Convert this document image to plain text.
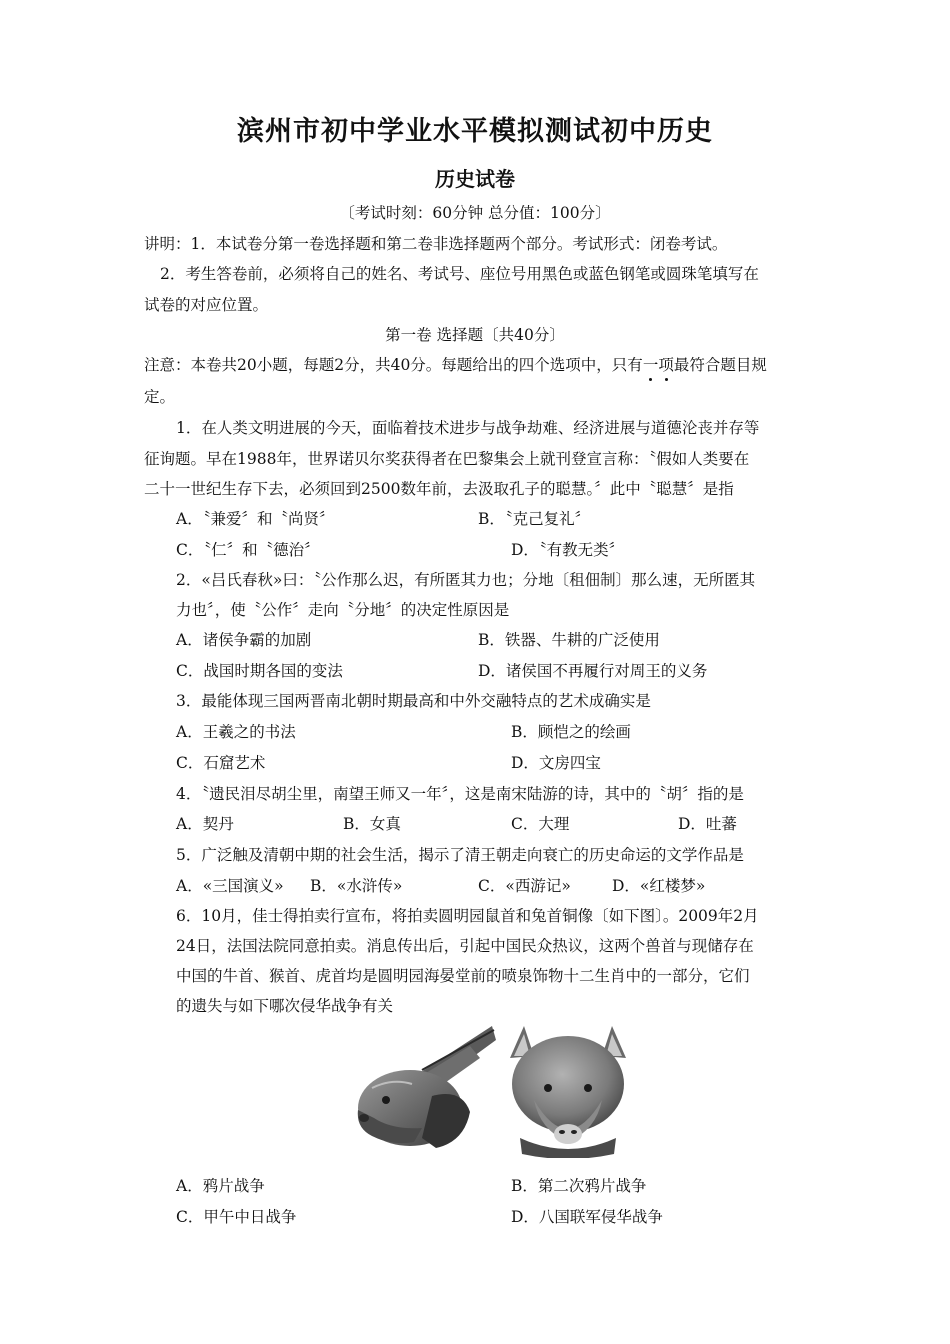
滨州市初中学业水平模拟测试初中历史
历史试卷
〔考试时刻：60分钟 总分值：100分〕
讲明：1．本试卷分第一卷选择题和第二卷非选择题两个部分。考试形式：闭卷考试。
2．考生答卷前，必须将自己的姓名、考试号、座位号用黑色或蓝色钢笔或圆珠笔填写在
试卷的对应位置。
第一卷 选择题〔共40分〕
注意：本卷共20小题，每题2分，共40分。每题给出的四个选项中，只有一项最符合题目规
定。
1．在人类文明进展的今天，面临着技术进步与战争劫难、经济进展与道德沦丧并存等
征询题。早在1988年，世界诺贝尔奖获得者在巴黎集会上就刊登宣言称：〝假如人类要在
二十一世纪生存下去，必须回到2500数年前，去汲取孔子的聪慧。〞此中〝聪慧〞是指
A．〝兼爱〞和〝尚贤〞	B．〝克己复礼〞
C．〝仁〞和〝德治〞	D．〝有教无类〞
2．«吕氏春秋»曰：〝公作那么迟，有所匿其力也；分地〔租佃制〕那么速，无所匿其
力也〞，使〝公作〞走向〝分地〞的决定性原因是
A．诸侯争霸的加剧	B．铁器、牛耕的广泛使用
C．战国时期各国的变法	D．诸侯国不再履行对周王的义务
3．最能体现三国两晋南北朝时期最高和中外交融特点的艺术成确实是
A．王羲之的书法	B．顾恺之的绘画
C．石窟艺术	D．文房四宝
4．〝遗民泪尽胡尘里，南望王师又一年〞，这是南宋陆游的诗，其中的〝胡〞指的是
A．契丹	B．女真	C．大理	D．吐蕃
5．广泛触及清朝中期的社会生活，揭示了清王朝走向衰亡的历史命运的文学作品是
A．«三国演义» B．«水浒传»	C．«西游记»	D．«红楼梦»
6．10月，佳士得拍卖行宣布，将拍卖圆明园鼠首和兔首铜像〔如下图〕。2009年2月
24日，法国法院同意拍卖。消息传出后，引起中国民众热议，这两个兽首与现储存在
中国的牛首、猴首、虎首均是圆明园海晏堂前的喷泉饰物十二生肖中的一部分，它们
的遗失与如下哪次侵华战争有关
A．鸦片战争	B．第二次鸦片战争
C．甲午中日战争	D．八国联军侵华战争
